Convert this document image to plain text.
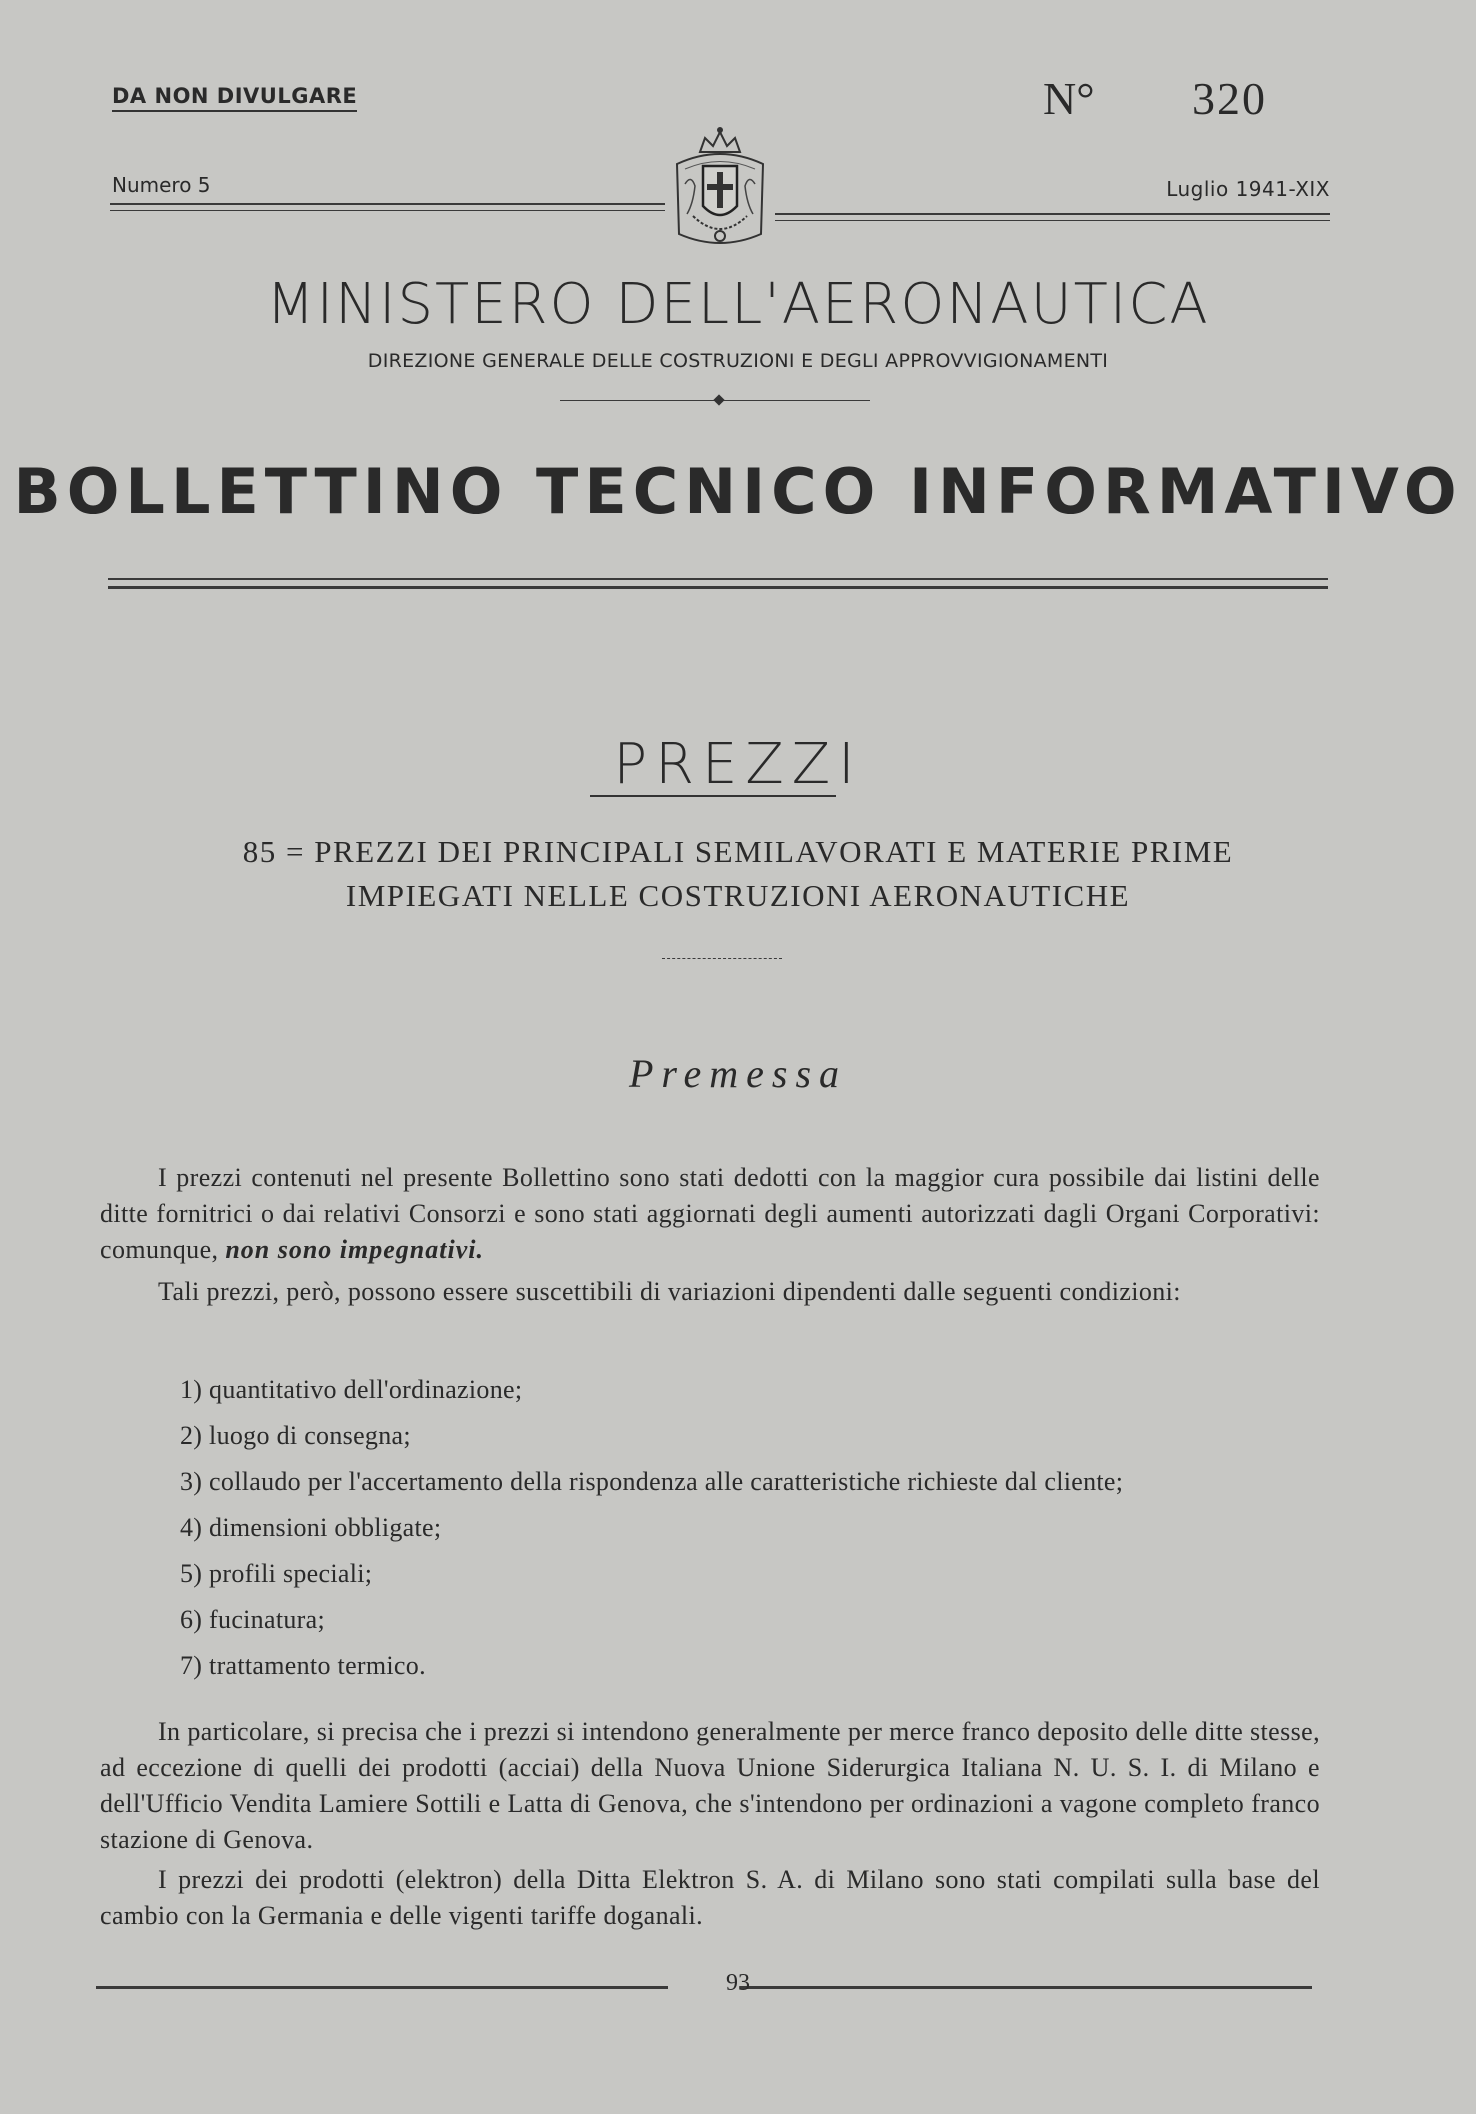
DA NON DIVULGARE	N° 320
Numero 5	Luglio 1941-XIX
MINISTERO DELL'AERONAUTICA
DIREZIONE GENERALE DELLE COSTRUZIONI E DEGLI APPROVVIGIONAMENTI
BOLLETTINO TECNICO INFORMATIVO
PREZZI
85 = PREZZI DEI PRINCIPALI SEMILAVORATI E MATERIE PRIME
IMPIEGATI NELLE COSTRUZIONI AERONAUTICHE
Premessa

I prezzi contenuti nel presente Bollettino sono stati dedotti con la maggior cura possibile dai listini delle ditte fornitrici o dai relativi Consorzi e sono stati aggiornati degli aumenti autorizzati dagli Organi Corporativi: comunque, non sono impegnativi.

Tali prezzi, però, possono essere suscettibili di variazioni dipendenti dalle seguenti condizioni:

1) quantitativo dell'ordinazione;
2) luogo di consegna;
3) collaudo per l'accertamento della rispondenza alle caratteristiche richieste dal cliente;
4) dimensioni obbligate;
5) profili speciali;
6) fucinatura;
7) trattamento termico.

In particolare, si precisa che i prezzi si intendono generalmente per merce franco deposito delle ditte stesse, ad eccezione di quelli dei prodotti (acciai) della Nuova Unione Siderurgica Italiana N. U. S. I. di Milano e dell'Ufficio Vendita Lamiere Sottili e Latta di Genova, che s'intendono per ordinazioni a vagone completo franco stazione di Genova.

I prezzi dei prodotti (elektron) della Ditta Elektron S. A. di Milano sono stati compilati sulla base del cambio con la Germania e delle vigenti tariffe doganali.

93
